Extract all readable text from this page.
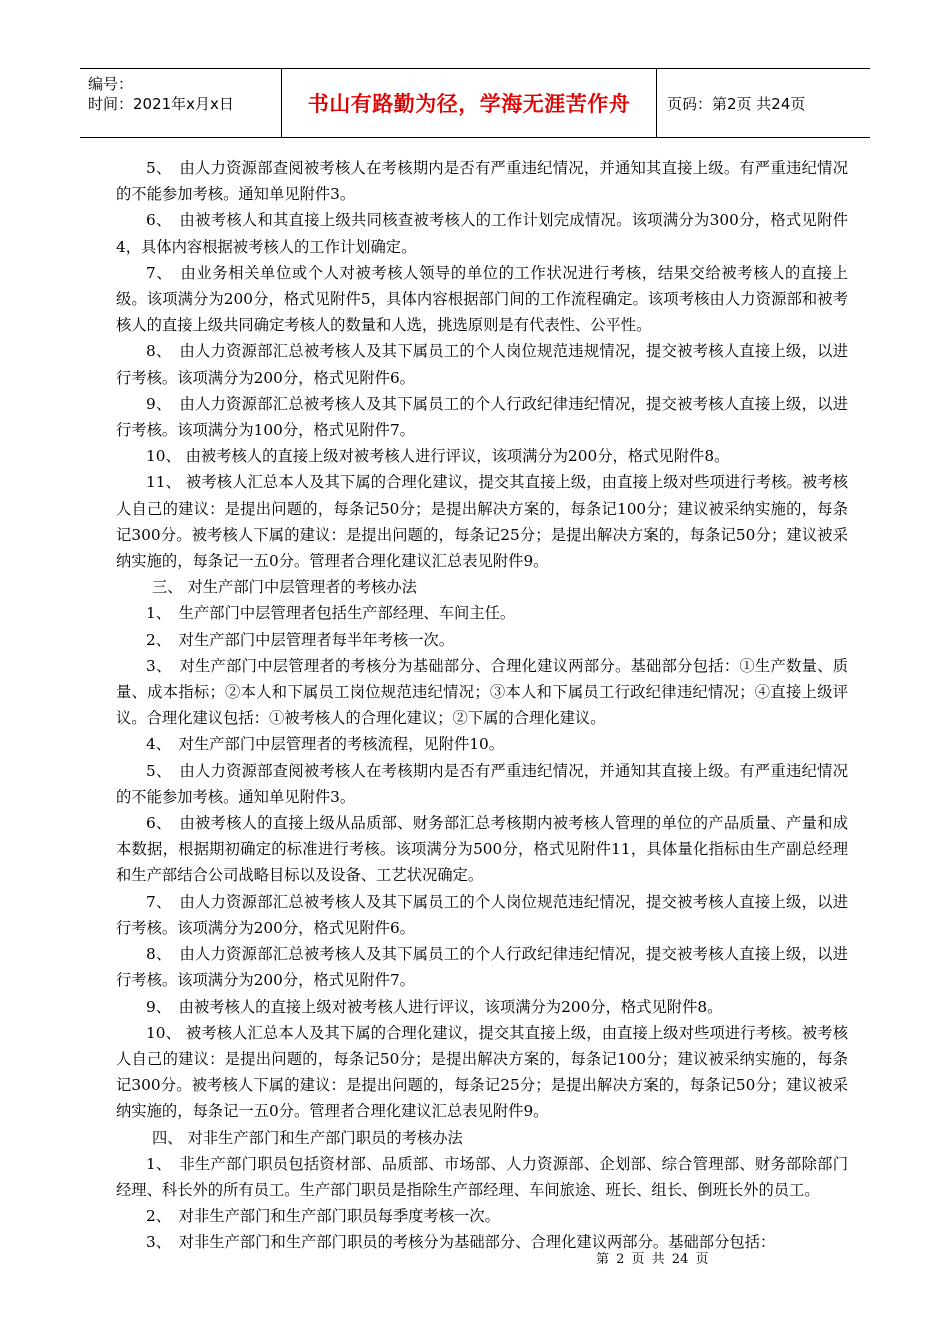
编号：
时间：2021年x月x日	书山有路勤为径，学海无涯苦作舟	页码：第2页 共24页

5、　由人力资源部查阅被考核人在考核期内是否有严重违纪情况，并通知其直接上级。有严重违纪情况的不能参加考核。通知单见附件3。

6、　由被考核人和其直接上级共同核查被考核人的工作计划完成情况。该项满分为300分，格式见附件4，具体内容根据被考核人的工作计划确定。

7、　由业务相关单位或个人对被考核人领导的单位的工作状况进行考核，结果交给被考核人的直接上级。该项满分为200分，格式见附件5，具体内容根据部门间的工作流程确定。该项考核由人力资源部和被考核人的直接上级共同确定考核人的数量和人选，挑选原则是有代表性、公平性。

8、　由人力资源部汇总被考核人及其下属员工的个人岗位规范违规情况，提交被考核人直接上级，以进行考核。该项满分为200分，格式见附件6。

9、　由人力资源部汇总被考核人及其下属员工的个人行政纪律违纪情况，提交被考核人直接上级，以进行考核。该项满分为100分，格式见附件7。

10、 由被考核人的直接上级对被考核人进行评议，该项满分为200分，格式见附件8。

11、 被考核人汇总本人及其下属的合理化建议，提交其直接上级，由直接上级对些项进行考核。被考核人自己的建议：是提出问题的，每条记50分；是提出解决方案的，每条记100分；建议被采纳实施的，每条记300分。被考核人下属的建议：是提出问题的，每条记25分；是提出解决方案的，每条记50分；建议被采纳实施的，每条记一五0分。管理者合理化建议汇总表见附件9。

三、 对生产部门中层管理者的考核办法

1、　生产部门中层管理者包括生产部经理、车间主任。

2、　对生产部门中层管理者每半年考核一次。

3、　对生产部门中层管理者的考核分为基础部分、合理化建议两部分。基础部分包括：①生产数量、质量、成本指标；②本人和下属员工岗位规范违纪情况；③本人和下属员工行政纪律违纪情况；④直接上级评议。合理化建议包括：①被考核人的合理化建议；②下属的合理化建议。

4、　对生产部门中层管理者的考核流程，见附件10。

5、　由人力资源部查阅被考核人在考核期内是否有严重违纪情况，并通知其直接上级。有严重违纪情况的不能参加考核。通知单见附件3。

6、　由被考核人的直接上级从品质部、财务部汇总考核期内被考核人管理的单位的产品质量、产量和成本数据，根据期初确定的标准进行考核。该项满分为500分，格式见附件11，具体量化指标由生产副总经理和生产部结合公司战略目标以及设备、工艺状况确定。

7、　由人力资源部汇总被考核人及其下属员工的个人岗位规范违纪情况，提交被考核人直接上级，以进行考核。该项满分为200分，格式见附件6。

8、　由人力资源部汇总被考核人及其下属员工的个人行政纪律违纪情况，提交被考核人直接上级，以进行考核。该项满分为200分，格式见附件7。

9、　由被考核人的直接上级对被考核人进行评议，该项满分为200分，格式见附件8。

10、 被考核人汇总本人及其下属的合理化建议，提交其直接上级，由直接上级对些项进行考核。被考核人自己的建议：是提出问题的，每条记50分；是提出解决方案的，每条记100分；建议被采纳实施的，每条记300分。被考核人下属的建议：是提出问题的，每条记25分；是提出解决方案的，每条记50分；建议被采纳实施的，每条记一五0分。管理者合理化建议汇总表见附件9。

四、 对非生产部门和生产部门职员的考核办法

1、　非生产部门职员包括资材部、品质部、市场部、人力资源部、企划部、综合管理部、财务部除部门经理、科长外的所有员工。生产部门职员是指除生产部经理、车间旅途、班长、组长、倒班长外的员工。

2、　对非生产部门和生产部门职员每季度考核一次。

3、　对非生产部门和生产部门职员的考核分为基础部分、合理化建议两部分。基础部分包括：

第 2 页 共 24 页
